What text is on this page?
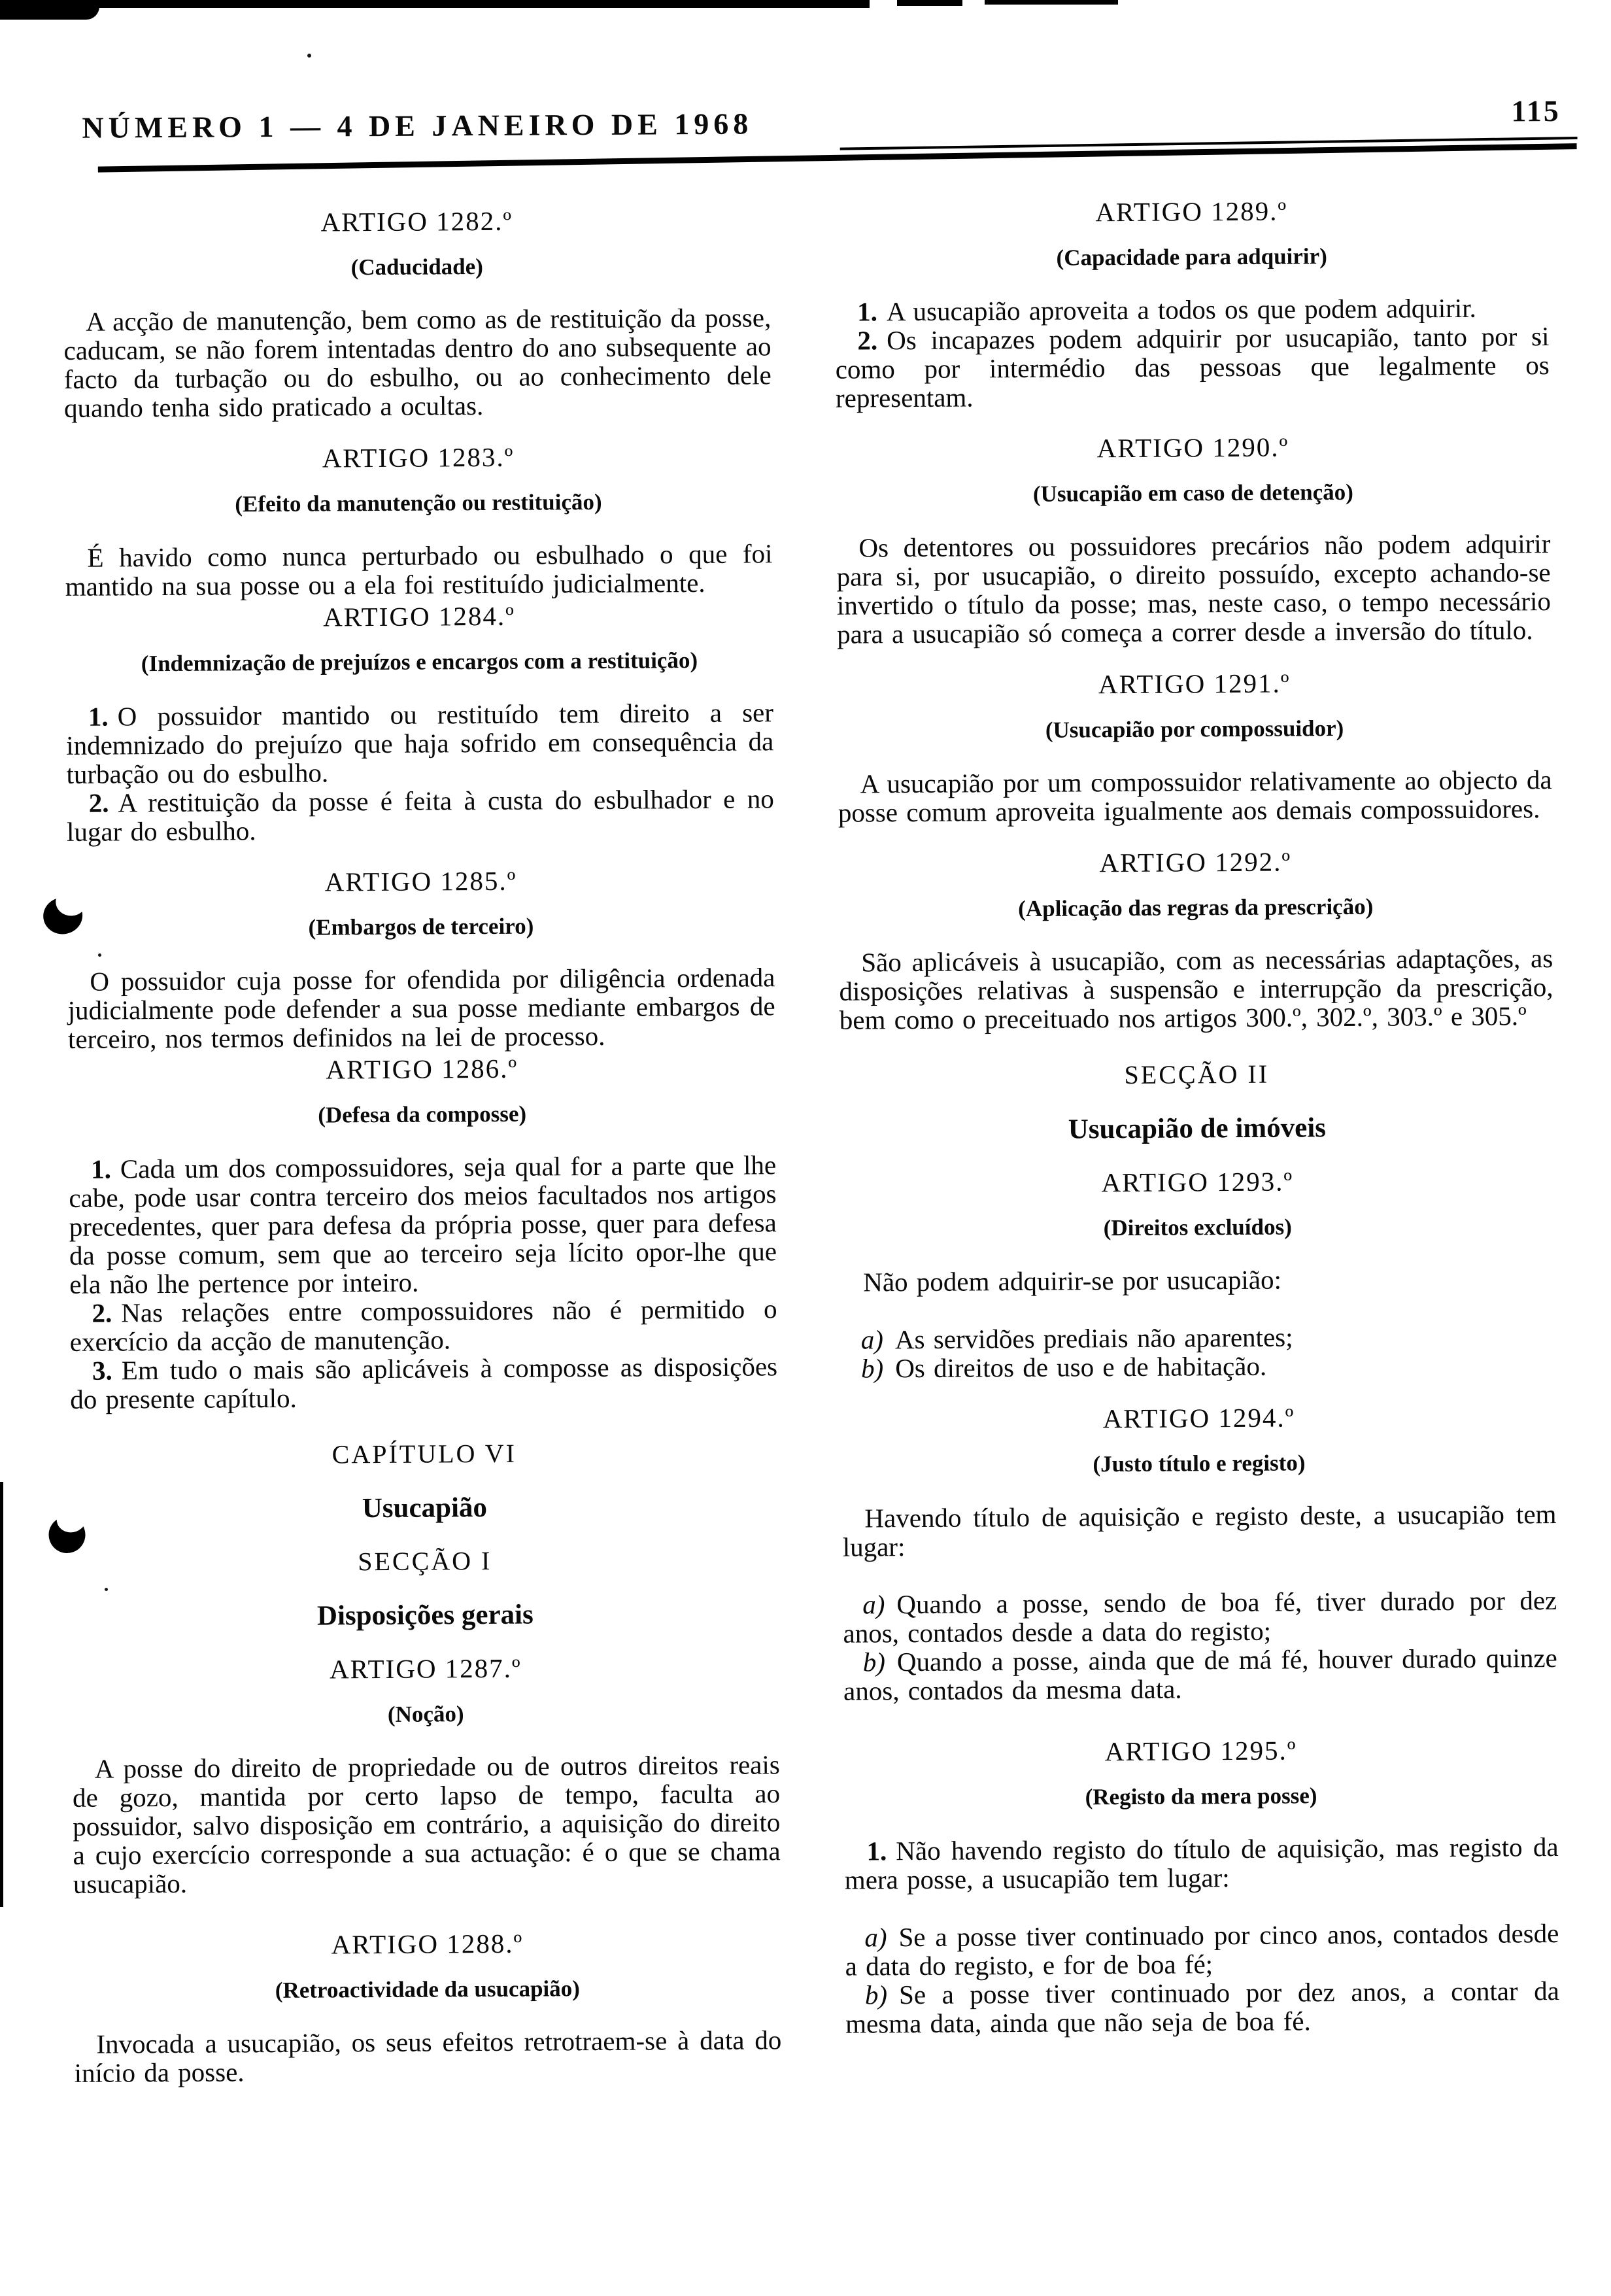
NÚMERO 1 — 4 DE JANEIRO DE 1968	115
ARTIGO 1282.º
(Caducidade)

A acção de manutenção, bem como as de restituição da posse, caducam, se não forem intentadas dentro do ano subsequente ao facto da turbação ou do esbulho, ou ao conhecimento dele quando tenha sido praticado a ocultas.

ARTIGO 1283.º
(Efeito da manutenção ou restituição)

É havido como nunca perturbado ou esbulhado o que foi mantido na sua posse ou a ela foi restituído judicialmente.

ARTIGO 1284.º
(Indemnização de prejuízos e encargos com a restituição)

1. O possuidor mantido ou restituído tem direito a ser indemnizado do prejuízo que haja sofrido em consequência da turbação ou do esbulho.

2. A restituição da posse é feita à custa do esbulhador e no lugar do esbulho.

ARTIGO 1285.º
(Embargos de terceiro)

O possuidor cuja posse for ofendida por diligência ordenada judicialmente pode defender a sua posse mediante embargos de terceiro, nos termos definidos na lei de processo.

ARTIGO 1286.º
(Defesa da composse)

1. Cada um dos compossuidores, seja qual for a parte que lhe cabe, pode usar contra terceiro dos meios facultados nos artigos precedentes, quer para defesa da própria posse, quer para defesa da posse comum, sem que ao terceiro seja lícito opor-lhe que ela não lhe pertence por inteiro.

2. Nas relações entre compossuidores não é permitido o exercício da acção de manutenção.

3. Em tudo o mais são aplicáveis à composse as disposições do presente capítulo.

CAPÍTULO VI
Usucapião
SECÇÃO I
Disposições gerais
ARTIGO 1287.º
(Noção)

A posse do direito de propriedade ou de outros direitos reais de gozo, mantida por certo lapso de tempo, faculta ao possuidor, salvo disposição em contrário, a aquisição do direito a cujo exercício corresponde a sua actuação: é o que se chama usucapião.

ARTIGO 1288.º
(Retroactividade da usucapião)

Invocada a usucapião, os seus efeitos retrotraem-se à data do início da posse.

ARTIGO 1289.º
(Capacidade para adquirir)

1. A usucapião aproveita a todos os que podem adquirir.

2. Os incapazes podem adquirir por usucapião, tanto por si como por intermédio das pessoas que legalmente os representam.

ARTIGO 1290.º
(Usucapião em caso de detenção)

Os detentores ou possuidores precários não podem adquirir para si, por usucapião, o direito possuído, excepto achando-se invertido o título da posse; mas, neste caso, o tempo necessário para a usucapião só começa a correr desde a inversão do título.

ARTIGO 1291.º
(Usucapião por compossuidor)

A usucapião por um compossuidor relativamente ao objecto da posse comum aproveita igualmente aos demais compossuidores.

ARTIGO 1292.º
(Aplicação das regras da prescrição)

São aplicáveis à usucapião, com as necessárias adaptações, as disposições relativas à suspensão e interrupção da prescrição, bem como o preceituado nos artigos 300.º, 302.º, 303.º e 305.º

SECÇÃO II
Usucapião de imóveis
ARTIGO 1293.º
(Direitos excluídos)

Não podem adquirir-se por usucapião:

a) As servidões prediais não aparentes;

b) Os direitos de uso e de habitação.

ARTIGO 1294.º
(Justo título e registo)

Havendo título de aquisição e registo deste, a usucapião tem lugar:

a) Quando a posse, sendo de boa fé, tiver durado por dez anos, contados desde a data do registo;

b) Quando a posse, ainda que de má fé, houver durado quinze anos, contados da mesma data.

ARTIGO 1295.º
(Registo da mera posse)

1. Não havendo registo do título de aquisição, mas registo da mera posse, a usucapião tem lugar:

a) Se a posse tiver continuado por cinco anos, contados desde a data do registo, e for de boa fé;

b) Se a posse tiver continuado por dez anos, a contar da mesma data, ainda que não seja de boa fé.
